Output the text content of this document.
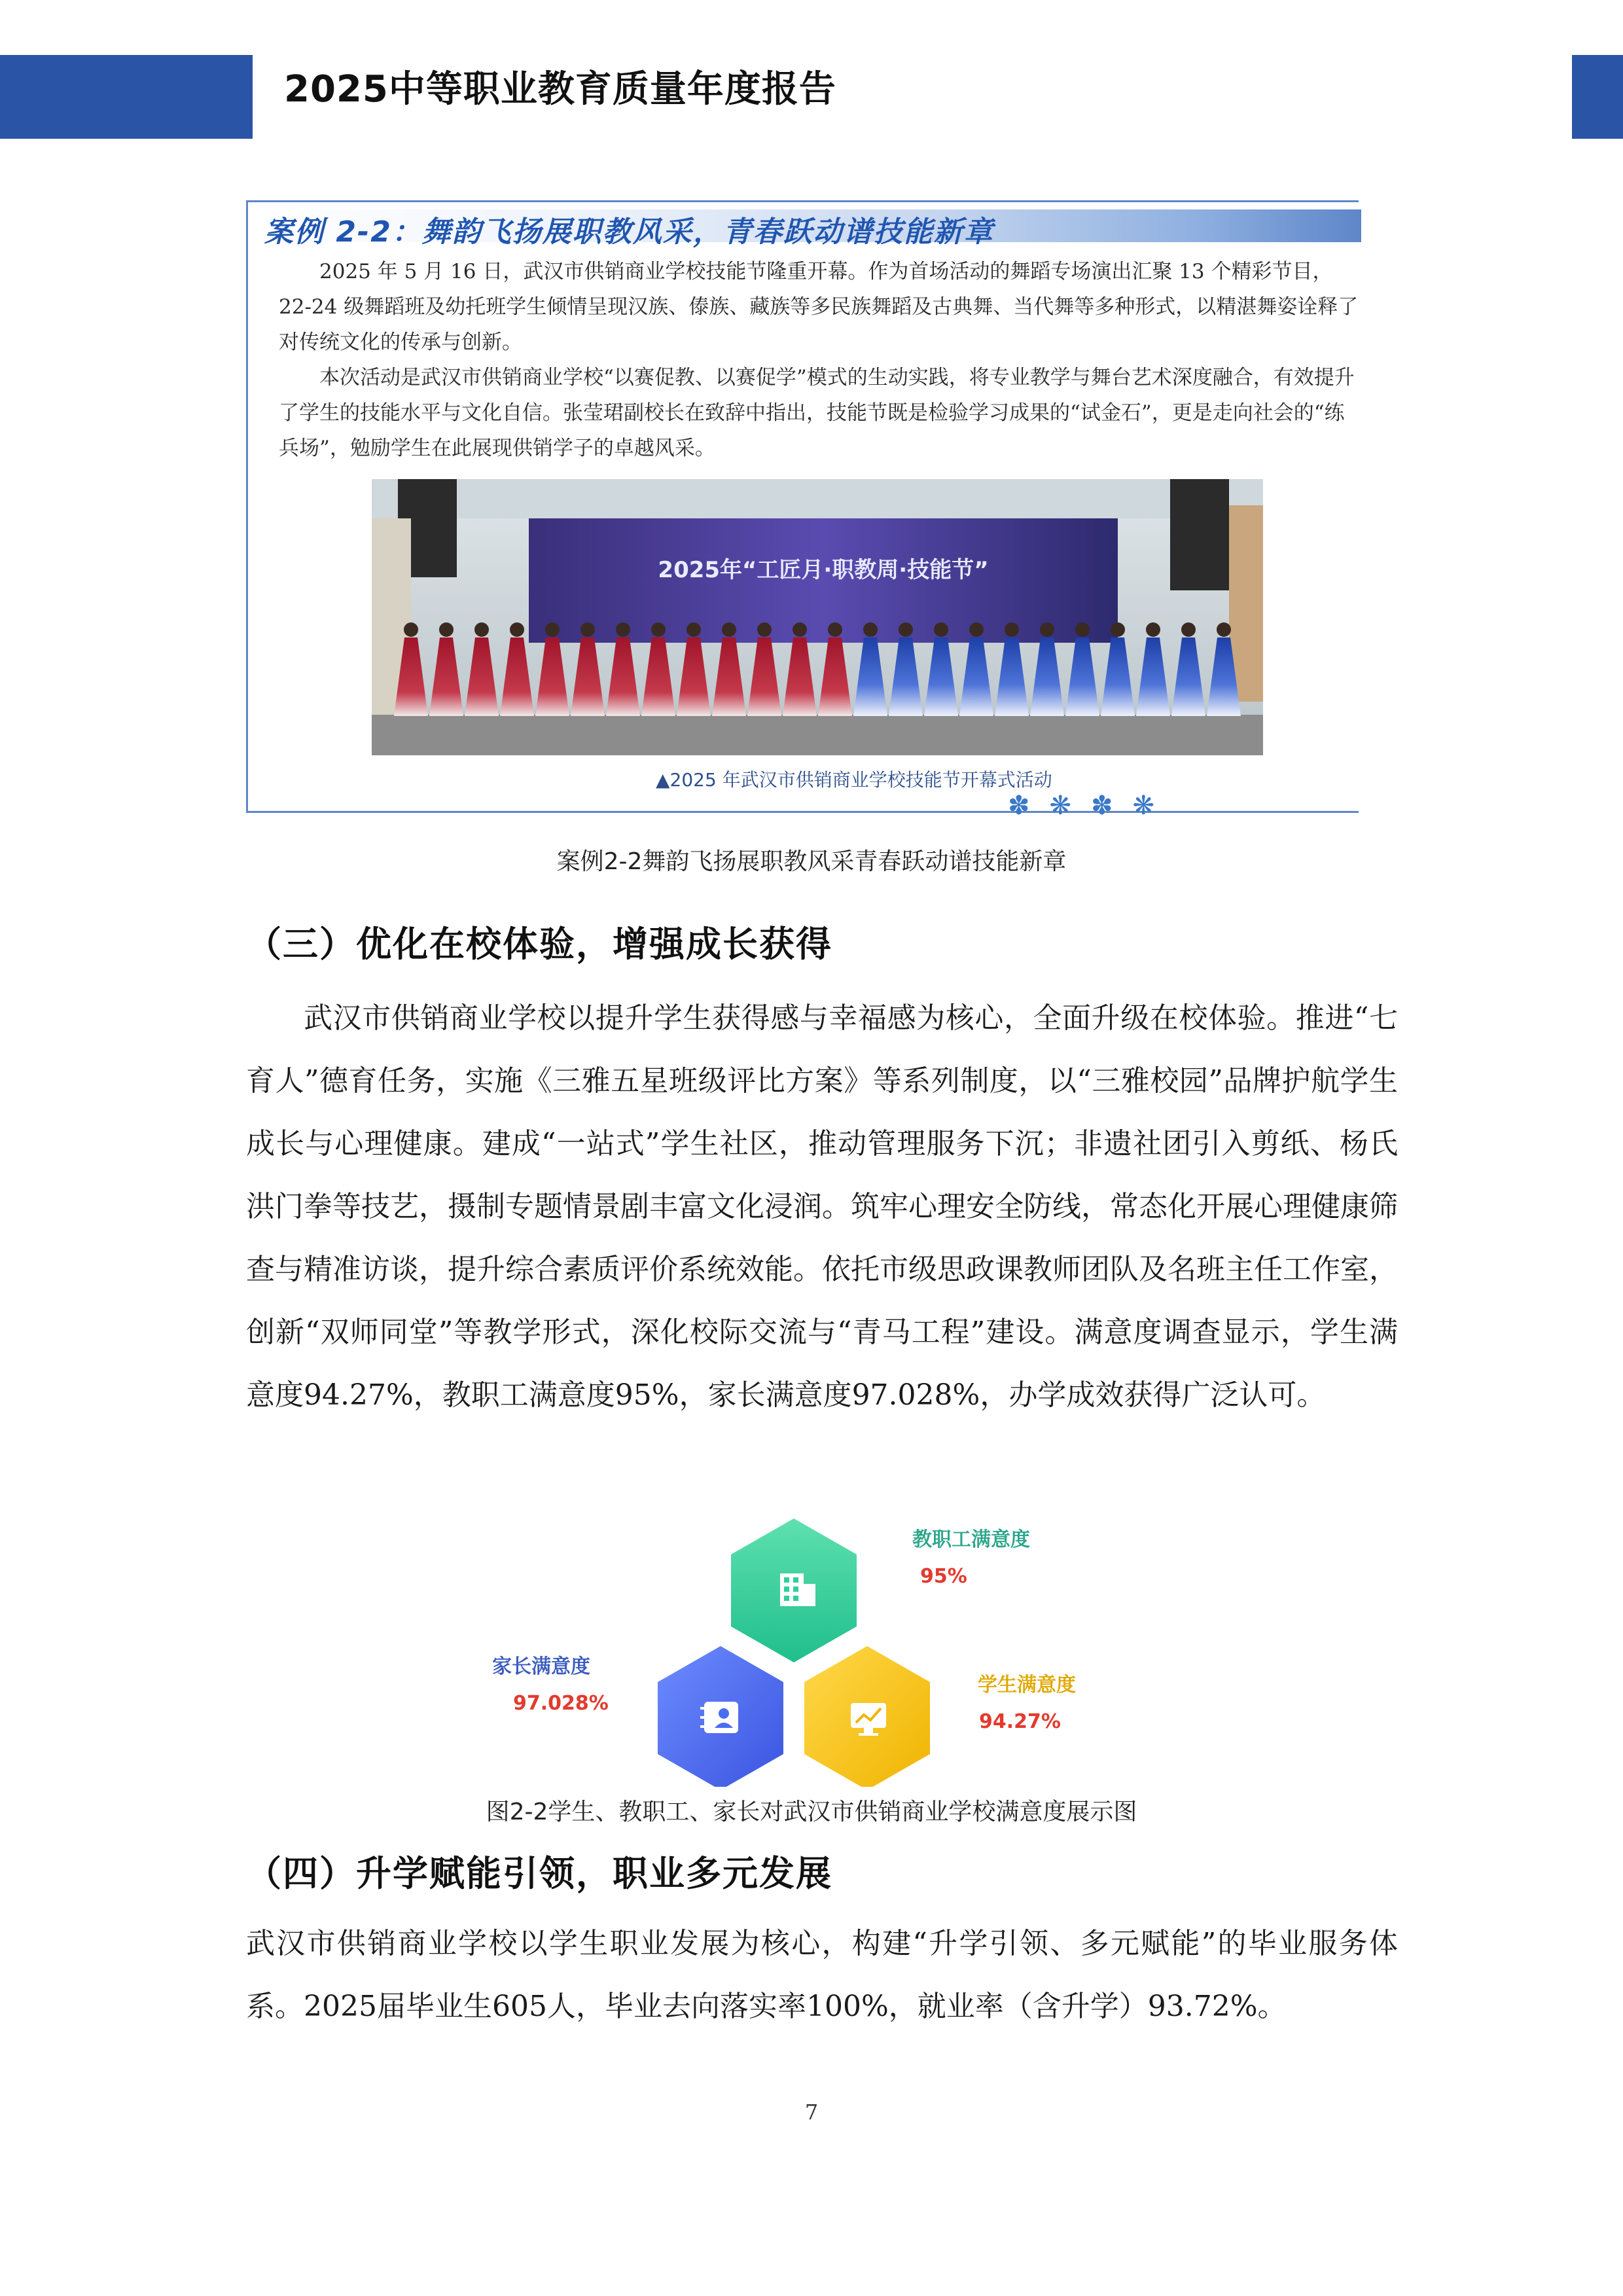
2025中等职业教育质量年度报告
案例 2-2：舞韵飞扬展职教风采，青春跃动谱技能新章
2025 年 5 月 16 日，武汉市供销商业学校技能节隆重开幕。作为首场活动的舞蹈专场演出汇聚 13 个精彩节目，22-24 级舞蹈班及幼托班学生倾情呈现汉族、傣族、藏族等多民族舞蹈及古典舞、当代舞等多种形式，以精湛舞姿诠释了对传统文化的传承与创新。
本次活动是武汉市供销商业学校“以赛促教、以赛促学”模式的生动实践，将专业教学与舞台艺术深度融合，有效提升了学生的技能水平与文化自信。张莹珺副校长在致辞中指出，技能节既是检验学习成果的“试金石”，更是走向社会的“练兵场”，勉励学生在此展现供销学子的卓越风采。
2025年“工匠月·职教周·技能节”
▲2025 年武汉市供销商业学校技能节开幕式活动
✽❋✽❋
案例2-2舞韵飞扬展职教风采青春跃动谱技能新章
（三）优化在校体验，增强成长获得
武汉市供销商业学校以提升学生获得感与幸福感为核心，全面升级在校体验。推进“七育人”德育任务，实施《三雅五星班级评比方案》等系列制度，以“三雅校园”品牌护航学生成长与心理健康。建成“一站式”学生社区，推动管理服务下沉；非遗社团引入剪纸、杨氏洪门拳等技艺，摄制专题情景剧丰富文化浸润。筑牢心理安全防线，常态化开展心理健康筛查与精准访谈，提升综合素质评价系统效能。依托市级思政课教师团队及名班主任工作室，创新“双师同堂”等教学形式，深化校际交流与“青马工程”建设。满意度调查显示，学生满意度94.27%，教职工满意度95%，家长满意度97.028%，办学成效获得广泛认可。
教职工满意度
95%
家长满意度
97.028%
学生满意度
94.27%
图2-2学生、教职工、家长对武汉市供销商业学校满意度展示图
（四）升学赋能引领，职业多元发展
武汉市供销商业学校以学生职业发展为核心，构建“升学引领、多元赋能”的毕业服务体系。2025届毕业生605人，毕业去向落实率100%，就业率（含升学）93.72%。
7
